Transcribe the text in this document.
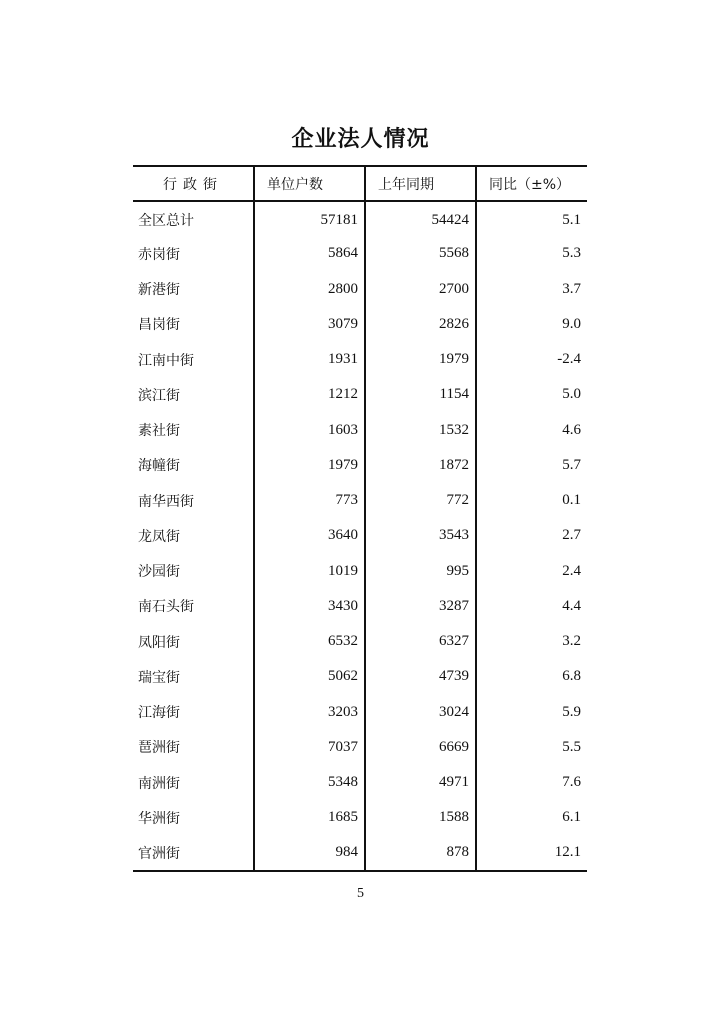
企业法人情况
行政街	单位户数	上年同期	同比（±%）
全区总计	57181	54424	5.1
赤岗街	5864	5568	5.3
新港街	2800	2700	3.7
昌岗街	3079	2826	9.0
江南中街	1931	1979	-2.4
滨江街	1212	1154	5.0
素社街	1603	1532	4.6
海幢街	1979	1872	5.7
南华西街	773	772	0.1
龙凤街	3640	3543	2.7
沙园街	1019	995	2.4
南石头街	3430	3287	4.4
凤阳街	6532	6327	3.2
瑞宝街	5062	4739	6.8
江海街	3203	3024	5.9
琶洲街	7037	6669	5.5
南洲街	5348	4971	7.6
华洲街	1685	1588	6.1
官洲街	984	878	12.1
5
